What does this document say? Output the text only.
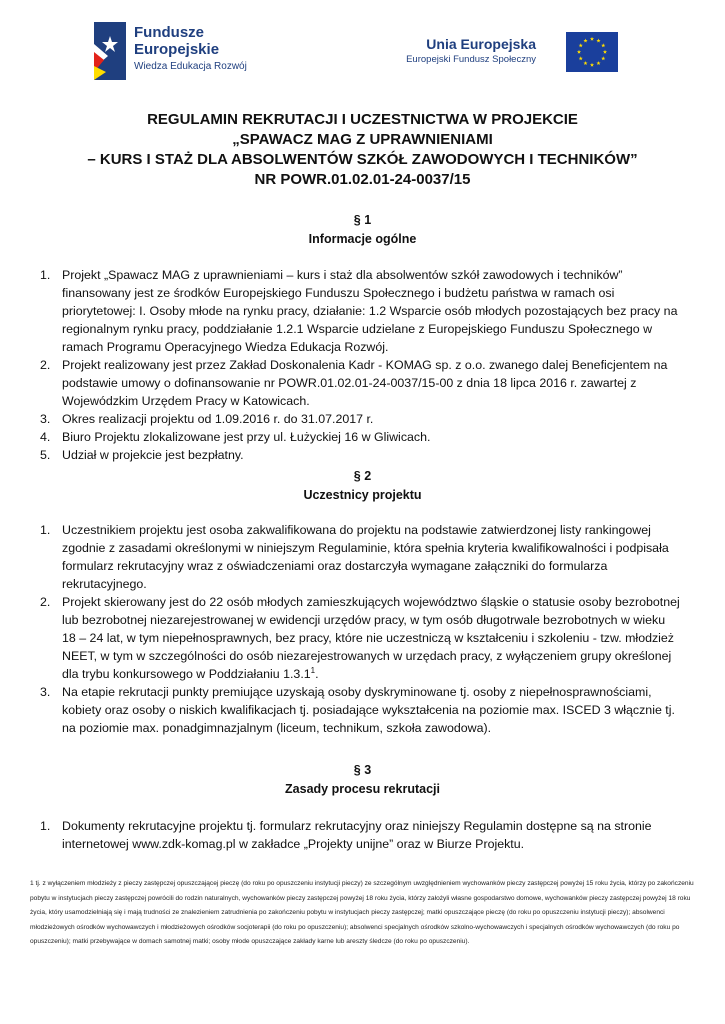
Fundusze
Europejskie
Wiedza Edukacja Rozwój
Unia Europejska
Europejski Fundusz Społeczny
REGULAMIN REKRUTACJI I UCZESTNICTWA W PROJEKCIE
„SPAWACZ MAG Z UPRAWNIENIAMI
– KURS I STAŻ DLA ABSOLWENTÓW SZKÓŁ ZAWODOWYCH I TECHNIKÓW”
NR POWR.01.02.01-24-0037/15
§ 1
Informacje ogólne
1. Projekt „Spawacz MAG z uprawnieniami – kurs i staż dla absolwentów szkół zawodowych i techników” finansowany jest ze środków Europejskiego Funduszu Społecznego i budżetu państwa w ramach osi priorytetowej: I. Osoby młode na rynku pracy, działanie: 1.2 Wsparcie osób młodych pozostających bez pracy na regionalnym rynku pracy, poddziałanie 1.2.1 Wsparcie udzielane z Europejskiego Funduszu Społecznego w ramach Programu Operacyjnego Wiedza Edukacja Rozwój.
2. Projekt realizowany jest przez Zakład Doskonalenia Kadr - KOMAG sp. z o.o. zwanego dalej Beneficjentem na podstawie umowy o dofinansowanie nr POWR.01.02.01-24-0037/15-00 z dnia 18 lipca 2016 r. zawartej z Wojewódzkim Urzędem Pracy w Katowicach.
3. Okres realizacji projektu od 1.09.2016 r. do 31.07.2017 r.
4. Biuro Projektu zlokalizowane jest przy ul. Łużyckiej 16 w Gliwicach.
5. Udział w projekcie jest bezpłatny.
§ 2
Uczestnicy projektu
1. Uczestnikiem projektu jest osoba zakwalifikowana do projektu na podstawie zatwierdzonej listy rankingowej zgodnie z zasadami określonymi w niniejszym Regulaminie, która spełnia kryteria kwalifikowalności i podpisała formularz rekrutacyjny wraz z oświadczeniami oraz dostarczyła wymagane załączniki do formularza rekrutacyjnego.
2. Projekt skierowany jest do 22 osób młodych zamieszkujących województwo śląskie o statusie osoby bezrobotnej lub bezrobotnej niezarejestrowanej w ewidencji urzędów pracy, w tym osób długotrwale bezrobotnych w wieku 18 – 24 lat, w tym niepełnosprawnych, bez pracy, które nie uczestniczą w kształceniu i szkoleniu - tzw. młodzież NEET, w tym w szczególności do osób niezarejestrowanych w urzędach pracy, z wyłączeniem grupy określonej dla trybu konkursowego w Poddziałaniu 1.3.1$^1$.
3. Na etapie rekrutacji punkty premiujące uzyskają osoby dyskryminowane tj. osoby z niepełnosprawnościami, kobiety oraz osoby o niskich kwalifikacjach tj. posiadające wykształcenia na poziomie max. ISCED 3 włącznie tj. na poziomie max. ponadgimnazjalnym (liceum, technikum, szkoła zawodowa).
§ 3
Zasady procesu rekrutacji
1. Dokumenty rekrutacyjne projektu tj. formularz rekrutacyjny oraz niniejszy Regulamin dostępne są na stronie internetowej www.zdk-komag.pl w zakładce „Projekty unijne” oraz w Biurze Projektu.
1 tj. z wyłączeniem młodzieży z pieczy zastępczej opuszczającej pieczę (do roku po opuszczeniu instytucji pieczy) ze szczególnym uwzględnieniem wychowanków pieczy zastępczej powyżej 15 roku życia, którzy po zakończeniu pobytu w instytucjach pieczy zastępczej powrócili do rodzin naturalnych, wychowanków pieczy zastępczej powyżej 18 roku życia, którzy założyli własne gospodarstwo domowe, wychowanków pieczy zastępczej powyżej 18 roku życia, który usamodzielniają się i mają trudności ze znalezieniem zatrudnienia po zakończeniu pobytu w instytucjach pieczy zastępczej; matki opuszczające pieczę (do roku po opuszczeniu instytucji pieczy); absolwenci młodzieżowych ośrodków wychowawczych i młodzieżowych ośrodków socjoterapii (do roku po opuszczeniu); absolwenci specjalnych ośrodków szkolno-wychowawczych i specjalnych ośrodków wychowawczych (do roku po opuszczeniu); matki przebywające w domach samotnej matki; osoby młode opuszczające zakłady karne lub areszty śledcze (do roku po opuszczeniu).
